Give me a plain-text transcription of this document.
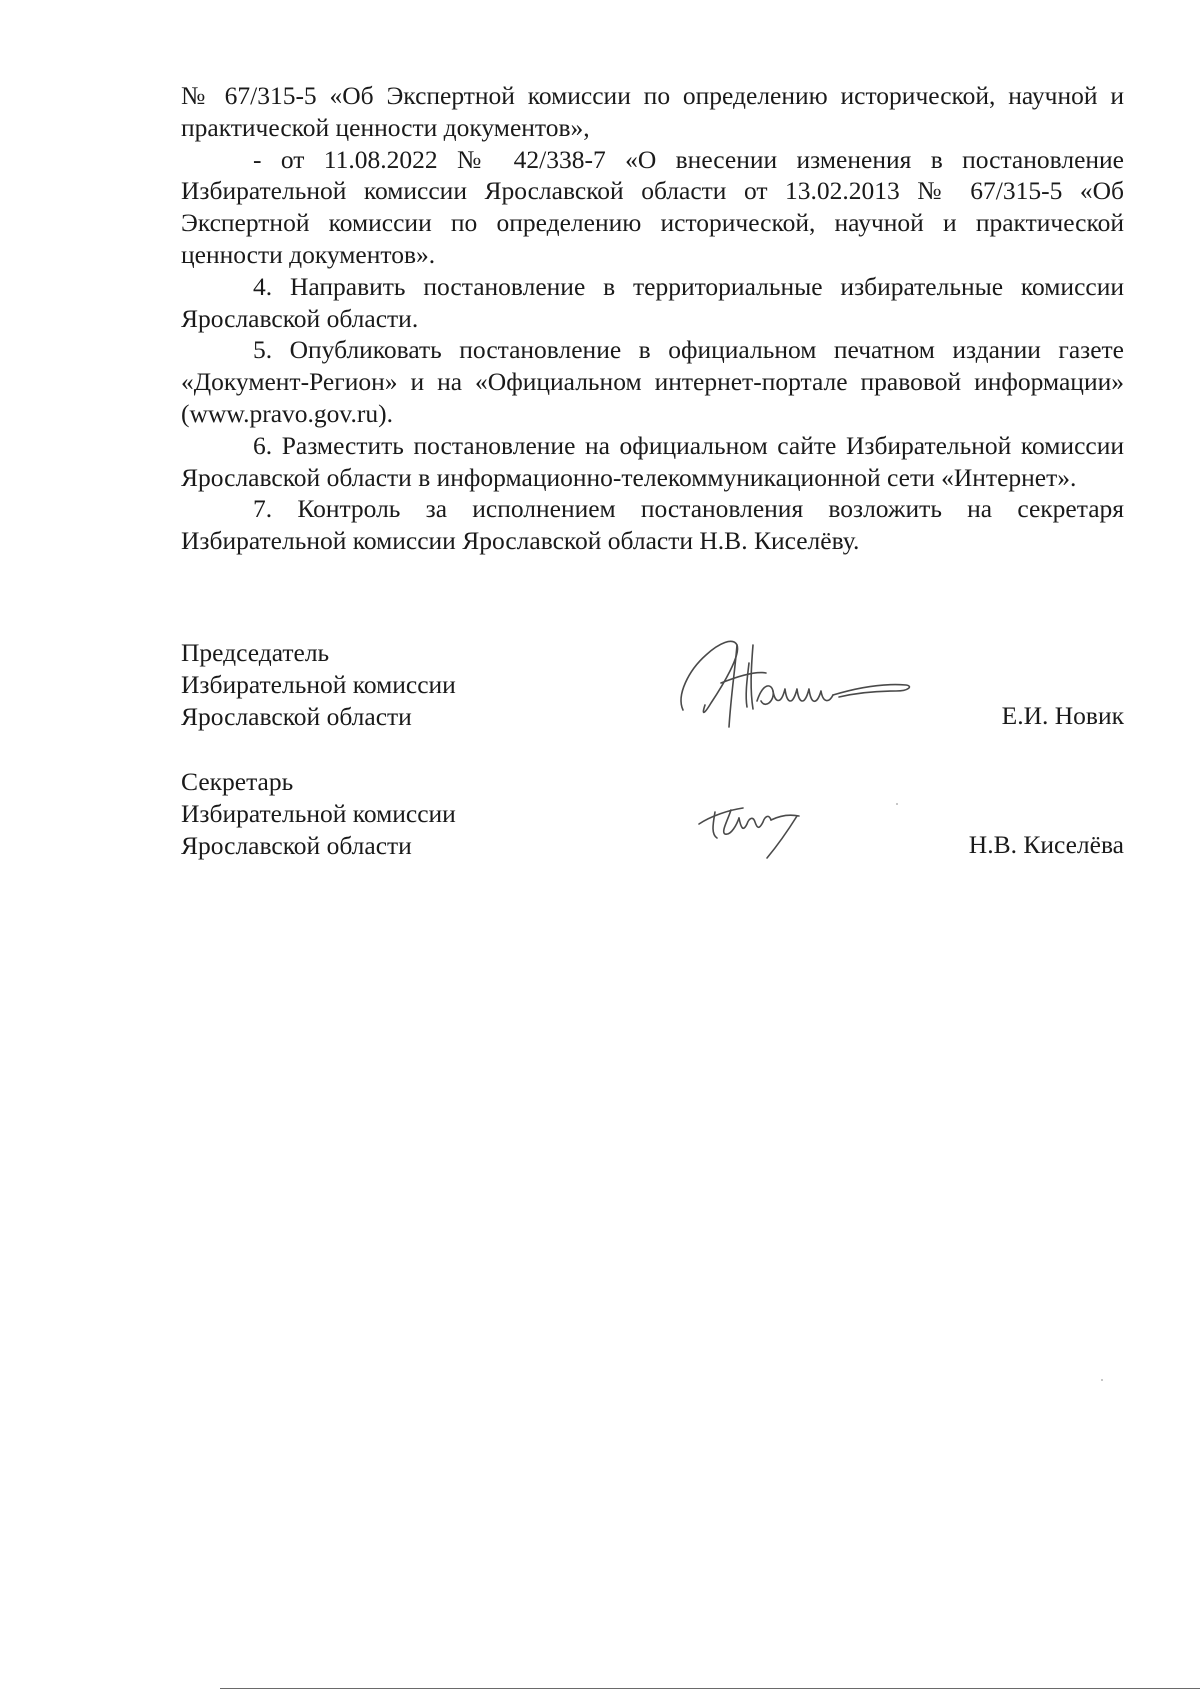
№ 67/315-5 «Об Экспертной комиссии по определению исторической, научной и практической ценности документов»,

- от 11.08.2022 № 42/338-7 «О внесении изменения в постановление Избирательной комиссии Ярославской области от 13.02.2013 № 67/315-5 «Об Экспертной комиссии по определению исторической, научной и практической ценности документов».

4. Направить постановление в территориальные избирательные комиссии Ярославской области.

5. Опубликовать постановление в официальном печатном издании газете «Документ-Регион» и на «Официальном интернет-портале правовой информации» (www.pravo.gov.ru).

6. Разместить постановление на официальном сайте Избирательной комиссии Ярославской области в информационно-телекоммуникационной сети «Интернет».

7. Контроль за исполнением постановления возложить на секретаря Избирательной комиссии Ярославской области Н.В. Киселёву.

Председатель
Избирательной комиссии
Ярославской области	Е.И. Новик
Секретарь
Избирательной комиссии
Ярославской области	Н.В. Киселёва
